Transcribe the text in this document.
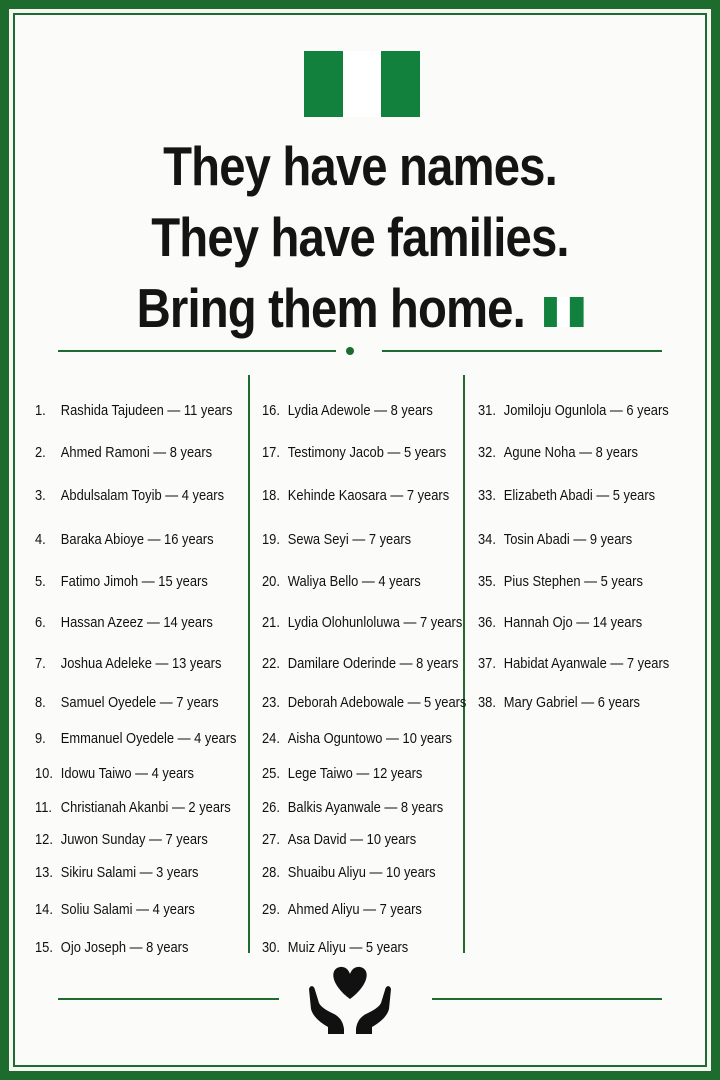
They have names.
They have families.
Bring them home.
1.	Rashida Tajudeen — 11 years
2.	Ahmed Ramoni — 8 years
3.	Abdulsalam Toyib — 4 years
4.	Baraka Abioye — 16 years
5.	Fatimo Jimoh — 15 years
6.	Hassan Azeez — 14 years
7.	Joshua Adeleke — 13 years
8.	Samuel Oyedele — 7 years
9.	Emmanuel Oyedele — 4 years
10. Idowu Taiwo — 4 years
11. Christianah Akanbi — 2 years
12. Juwon Sunday — 7 years
13. Sikiru Salami — 3 years
14. Soliu Salami — 4 years
15. Ojo Joseph — 8 years
16. Lydia Adewole — 8 years
17. Testimony Jacob — 5 years
18. Kehinde Kaosara — 7 years
19. Sewa Seyi — 7 years
20. Waliya Bello — 4 years
21. Lydia Olohunloluwa — 7 years
22. Damilare Oderinde — 8 years
23. Deborah Adebowale — 5 years
24. Aisha Oguntowo — 10 years
25. Lege Taiwo — 12 years
26. Balkis Ayanwale — 8 years
27. Asa David — 10 years
28. Shuaibu Aliyu — 10 years
29. Ahmed Aliyu — 7 years
30. Muiz Aliyu — 5 years
31. Jomiloju Ogunlola — 6 years
32. Agune Noha — 8 years
33. Elizabeth Abadi — 5 years
34. Tosin Abadi — 9 years
35. Pius Stephen — 5 years
36. Hannah Ojo — 14 years
37. Habidat Ayanwale — 7 years
38. Mary Gabriel — 6 years
